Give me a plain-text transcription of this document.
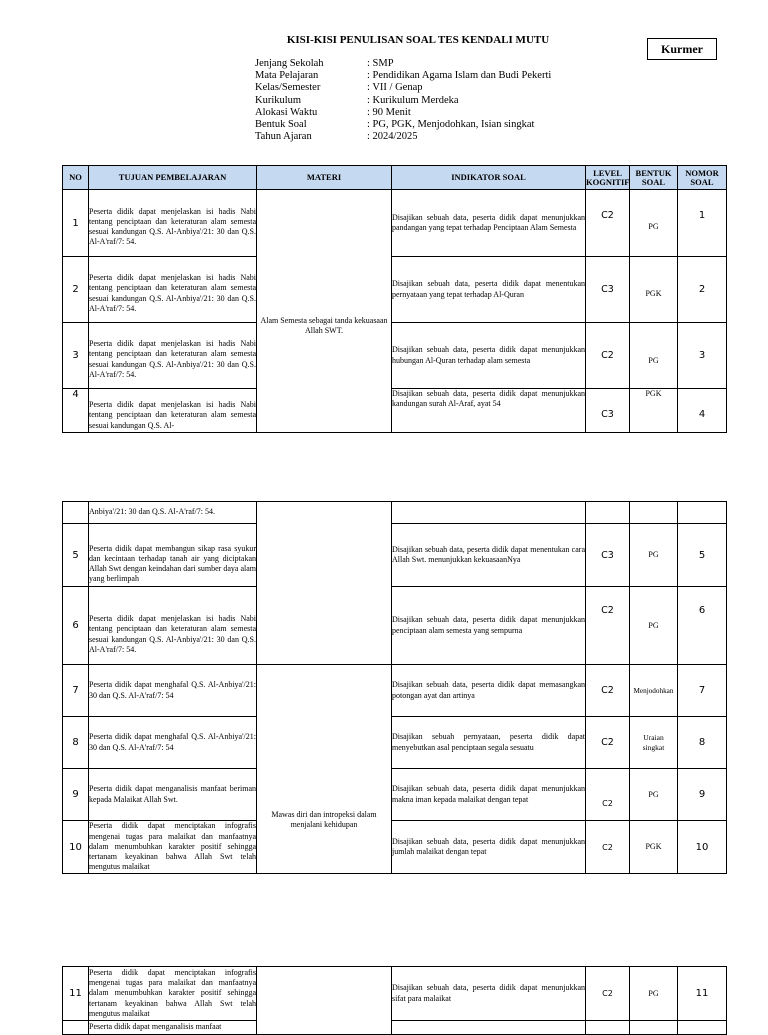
KISI-KISI PENULISAN SOAL TES KENDALI MUTU
Kurmer
Jenjang Sekolah	: SMP
Mata Pelajaran	: Pendidikan Agama Islam dan Budi Pekerti
Kelas/Semester	: VII / Genap
Kurikulum	: Kurikulum Merdeka
Alokasi Waktu	: 90 Menit
Bentuk Soal	: PG, PGK, Menjodohkan, Isian singkat
Tahun Ajaran	: 2024/2025
NO	TUJUAN PEMBELAJARAN	MATERI	INDIKATOR SOAL	LEVEL KOGNITIF	BENTUK SOAL	NOMOR SOAL
1	Peserta didik dapat menjelaskan isi hadis Nabi tentang penciptaan dan keteraturan alam semesta sesuai kandungan Q.S. Al-Anbiya'/21: 30 dan Q.S. Al-A'raf/7: 54.	Alam Semesta sebagai tanda kekuasaan Allah SWT.	Disajikan sebuah data, peserta didik dapat menunjukkan pandangan yang tepat terhadap Penciptaan Alam Semesta	C2	PG	1
2	Peserta didik dapat menjelaskan isi hadis Nabi tentang penciptaan dan keteraturan alam semesta sesuai kandungan Q.S. Al-Anbiya'/21: 30 dan Q.S. Al-A'raf/7: 54.		Disajikan sebuah data, peserta didik dapat menentukan pernyataan yang tepat terhadap Al-Quran	C3	PGK	2
3	Peserta didik dapat menjelaskan isi hadis Nabi tentang penciptaan dan keteraturan alam semesta sesuai kandungan Q.S. Al-Anbiya'/21: 30 dan Q.S. Al-A'raf/7: 54.		Disajikan sebuah data, peserta didik dapat menunjukkan hubungan Al-Quran terhadap alam semesta	C2	PG	3
4	Peserta didik dapat menjelaskan isi hadis Nabi tentang penciptaan dan keteraturan alam semesta sesuai kandungan Q.S. Al-		Disajikan sebuah data, peserta didik dapat menunjukkan kandungan surah Al-Araf, ayat 54	C3	PGK	4
	Anbiya'/21: 30 dan Q.S. Al-A'raf/7: 54.					
5	Peserta didik dapat membangun sikap rasa syukur dan kecintaan terhadap tanah air yang diciptakan Allah Swt dengan keindahan dari sumber daya alam yang berlimpah		Disajikan sebuah data, peserta didik dapat menentukan cara Allah Swt. menunjukkan kekuasaanNya	C3	PG	5
6	Peserta didik dapat menjelaskan isi hadis Nabi tentang penciptaan dan keteraturan alam semesta sesuai kandungan Q.S. Al-Anbiya'/21: 30 dan Q.S. Al-A'raf/7: 54.		Disajikan sebuah data, peserta didik dapat menunjukkan penciptaan alam semesta yang sempurna	C2	PG	6
7	Peserta didik dapat menghafal Q.S. Al-Anbiya'/21: 30 dan Q.S. Al-A'raf/7: 54	Mawas diri dan intropeksi dalam menjalani kehidupan	Disajikan sebuah data, peserta didik dapat memasangkan potongan ayat dan artinya	C2	Menjodohkan	7
8	Peserta didik dapat menghafal Q.S. Al-Anbiya'/21: 30 dan Q.S. Al-A'raf/7: 54		Disajikan sebuah pernyataan, peserta didik dapat menyebutkan asal penciptaan segala sesuatu	C2	Uraian singkat	8
9	Peserta didik dapat menganalisis manfaat beriman kepada Malaikat Allah Swt.		Disajikan sebuah data, peserta didik dapat menunjukkan makna iman kepada malaikat dengan tepat	C2	PG	9
10	Peserta didik dapat menciptakan infografis mengenai tugas para malaikat dan manfaatnya dalam menumbuhkan karakter positif sehingga tertanam keyakinan bahwa Allah Swt telah mengutus malaikat		Disajikan sebuah data, peserta didik dapat menunjukkan jumlah malaikat dengan tepat	C2	PGK	10
11	Peserta didik dapat menciptakan infografis mengenai tugas para malaikat dan manfaatnya dalam menumbuhkan karakter positif sehingga tertanam keyakinan bahwa Allah Swt telah mengutus malaikat		Disajikan sebuah data, peserta didik dapat menunjukkan sifat para malaikat	C2	PG	11
	Peserta didik dapat menganalisis manfaat					
